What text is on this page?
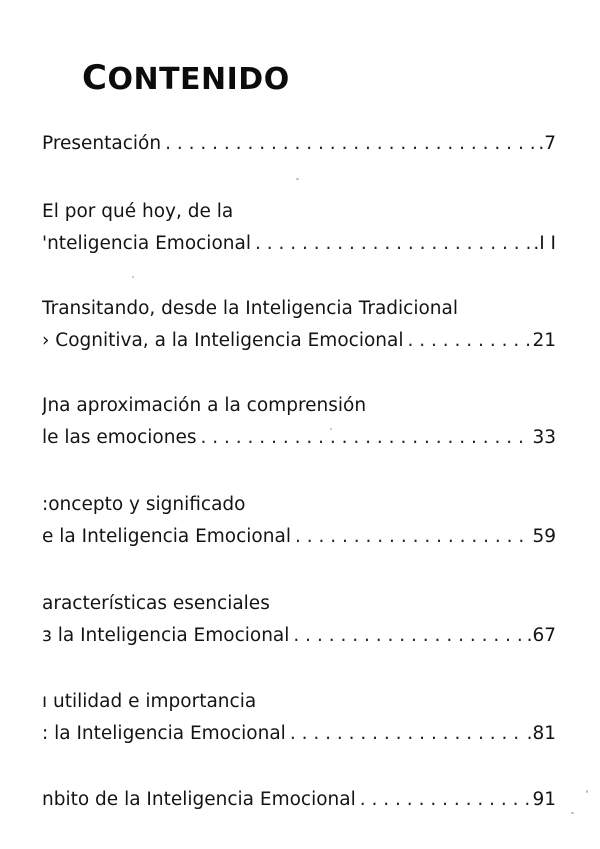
CONTENIDO
Presentación . . .	.7
El por qué hoy, de la
'nteligencia Emocional . . .	.I I
Transitando, desde la Inteligencia Tradicional
› Cognitiva, a la Inteligencia Emocional . . .	21
Jna aproximación a la comprensión
le las emociones . . .	33
:oncepto y significado
e la Inteligencia Emocional . . .	59
aracterísticas esenciales
ɜ la Inteligencia Emocional . . .	.67
ı utilidad e importancia
: la Inteligencia Emocional . . .	.81
nbito de la Inteligencia Emocional . . .	91
